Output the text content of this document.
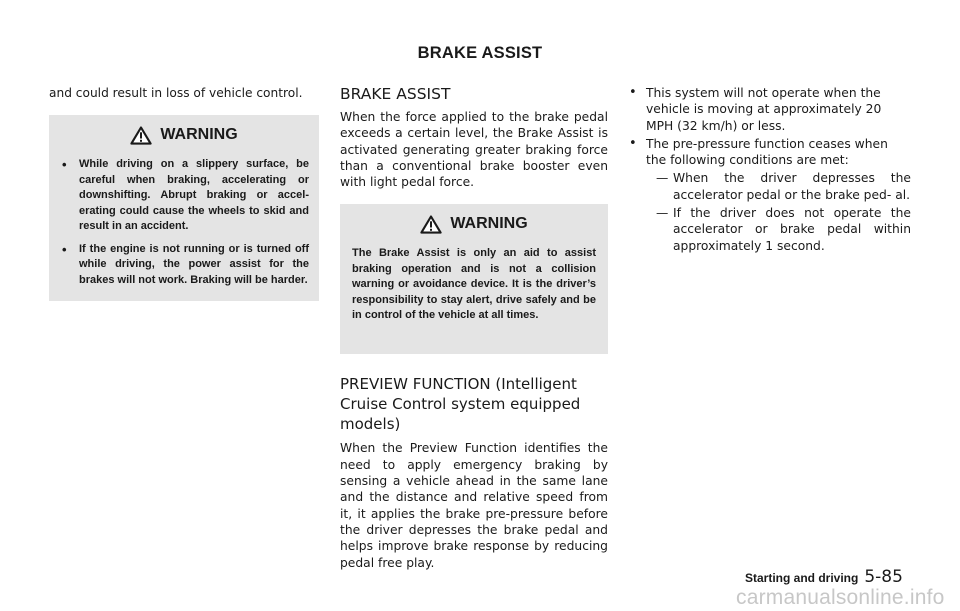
BRAKE ASSIST

and could result in loss of vehicle control.

WARNING
• While driving on a slippery surface, be careful when braking, accelerating or downshifting. Abrupt braking or accel- erating could cause the wheels to skid and result in an accident.
• If the engine is not running or is turned off while driving, the power assist for the brakes will not work. Braking will be harder.
BRAKE ASSIST

When the force applied to the brake pedal exceeds a certain level, the Brake Assist is activated generating greater braking force than a conventional brake booster even with light pedal force.

WARNING

The Brake Assist is only an aid to assist braking operation and is not a collision warning or avoidance device. It is the driver’s responsibility to stay alert, drive safely and be in control of the vehicle at all times.

PREVIEW FUNCTION (Intelligent Cruise Control system equipped models)

When the Preview Function identifies the need to apply emergency braking by sensing a vehicle ahead in the same lane and the distance and relative speed from it, it applies the brake pre-pressure before the driver depresses the brake pedal and helps improve brake response by reducing pedal free play.

• This system will not operate when the vehicle is moving at approximately 20 MPH (32 km/h) or less.
• The pre-pressure function ceases when the following conditions are met:
— When the driver depresses the accelerator pedal or the brake ped- al.
— If the driver does not operate the accelerator or brake pedal within approximately 1 second.
Starting and driving 5-85
carmanualsonline.info
